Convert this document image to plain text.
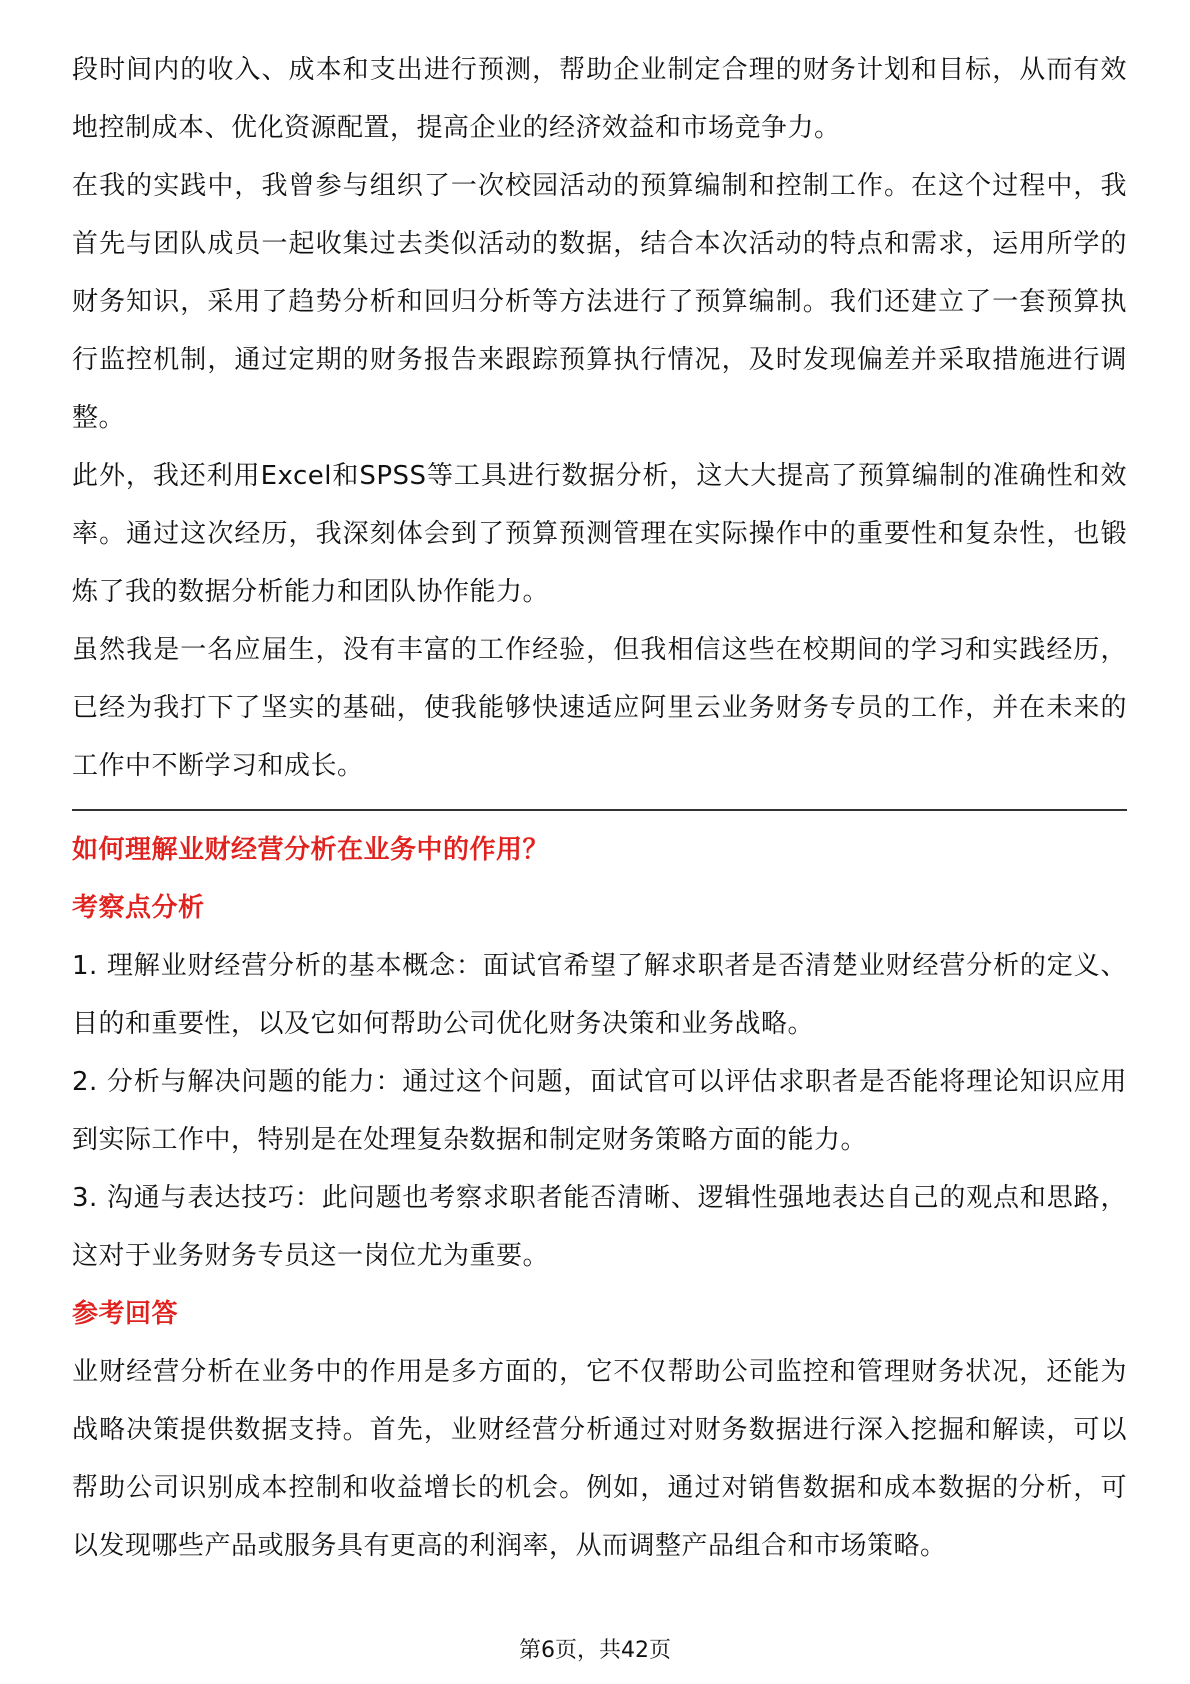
段时间内的收入、成本和支出进行预测，帮助企业制定合理的财务计划和目标，从而有效地控制成本、优化资源配置，提高企业的经济效益和市场竞争力。

在我的实践中，我曾参与组织了一次校园活动的预算编制和控制工作。在这个过程中，我首先与团队成员一起收集过去类似活动的数据，结合本次活动的特点和需求，运用所学的财务知识，采用了趋势分析和回归分析等方法进行了预算编制。我们还建立了一套预算执行监控机制，通过定期的财务报告来跟踪预算执行情况，及时发现偏差并采取措施进行调整。

此外，我还利用Excel和SPSS等工具进行数据分析，这大大提高了预算编制的准确性和效率。通过这次经历，我深刻体会到了预算预测管理在实际操作中的重要性和复杂性，也锻炼了我的数据分析能力和团队协作能力。

虽然我是一名应届生，没有丰富的工作经验，但我相信这些在校期间的学习和实践经历，已经为我打下了坚实的基础，使我能够快速适应阿里云业务财务专员的工作，并在未来的工作中不断学习和成长。

如何理解业财经营分析在业务中的作用？

考察点分析

1. 理解业财经营分析的基本概念：面试官希望了解求职者是否清楚业财经营分析的定义、目的和重要性，以及它如何帮助公司优化财务决策和业务战略。

2. 分析与解决问题的能力：通过这个问题，面试官可以评估求职者是否能将理论知识应用到实际工作中，特别是在处理复杂数据和制定财务策略方面的能力。

3. 沟通与表达技巧：此问题也考察求职者能否清晰、逻辑性强地表达自己的观点和思路，这对于业务财务专员这一岗位尤为重要。

参考回答

业财经营分析在业务中的作用是多方面的，它不仅帮助公司监控和管理财务状况，还能为战略决策提供数据支持。首先，业财经营分析通过对财务数据进行深入挖掘和解读，可以帮助公司识别成本控制和收益增长的机会。例如，通过对销售数据和成本数据的分析，可以发现哪些产品或服务具有更高的利润率，从而调整产品组合和市场策略。

第6页，共42页
